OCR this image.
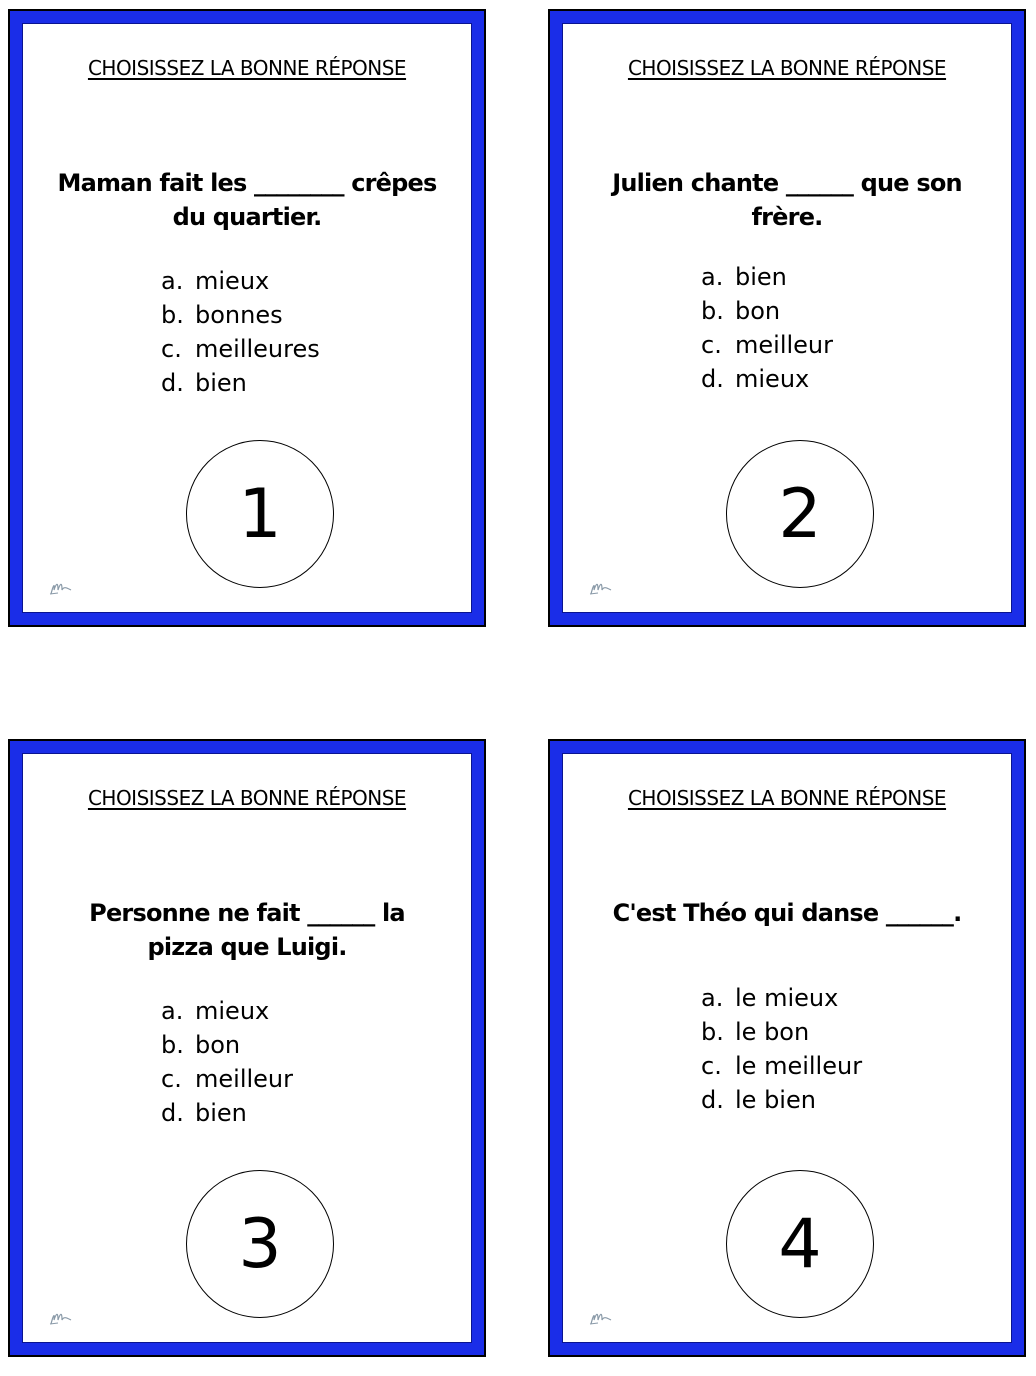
CHOISISSEZ LA BONNE RÉPONSE
Maman fait les ________ crêpes du quartier.
a. mieux
b. bonnes
c. meilleures
d. bien
1
CHOISISSEZ LA BONNE RÉPONSE
Julien chante ______ que son frère.
a. bien
b. bon
c. meilleur
d. mieux
2
CHOISISSEZ LA BONNE RÉPONSE
Personne ne fait ______ la pizza que Luigi.
a. mieux
b. bon
c. meilleur
d. bien
3
CHOISISSEZ LA BONNE RÉPONSE
C'est Théo qui danse ______.
a. le mieux
b. le bon
c. le meilleur
d. le bien
4
